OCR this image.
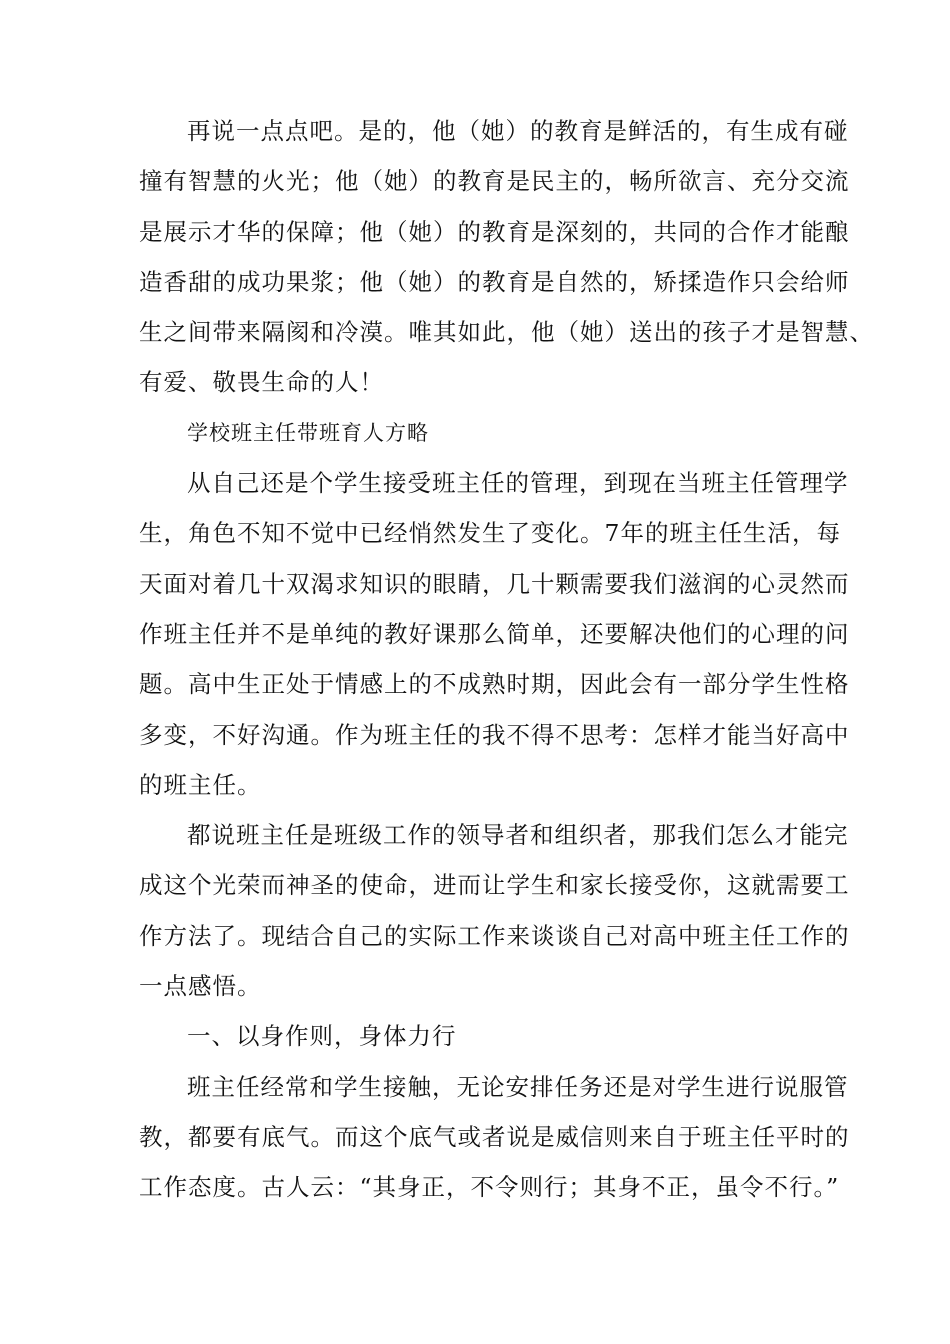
再说一点点吧。是的，他（她）的教育是鲜活的，有生成有碰
撞有智慧的火光；他（她）的教育是民主的，畅所欲言、充分交流
是展示才华的保障；他（她）的教育是深刻的，共同的合作才能酿
造香甜的成功果浆；他（她）的教育是自然的，矫揉造作只会给师
生之间带来隔阂和冷漠。唯其如此，他（她）送出的孩子才是智慧、
有爱、敬畏生命的人！
学校班主任带班育人方略
从自己还是个学生接受班主任的管理，到现在当班主任管理学
生，角色不知不觉中已经悄然发生了变化。7年的班主任生活，每
天面对着几十双渴求知识的眼睛，几十颗需要我们滋润的心灵然而
作班主任并不是单纯的教好课那么简单，还要解决他们的心理的问
题。高中生正处于情感上的不成熟时期，因此会有一部分学生性格
多变，不好沟通。作为班主任的我不得不思考：怎样才能当好高中
的班主任。
都说班主任是班级工作的领导者和组织者，那我们怎么才能完
成这个光荣而神圣的使命，进而让学生和家长接受你，这就需要工
作方法了。现结合自己的实际工作来谈谈自己对高中班主任工作的
一点感悟。
一、以身作则，身体力行
班主任经常和学生接触，无论安排任务还是对学生进行说服管
教，都要有底气。而这个底气或者说是威信则来自于班主任平时的
工作态度。古人云：“其身正，不令则行；其身不正，虽令不行。”
